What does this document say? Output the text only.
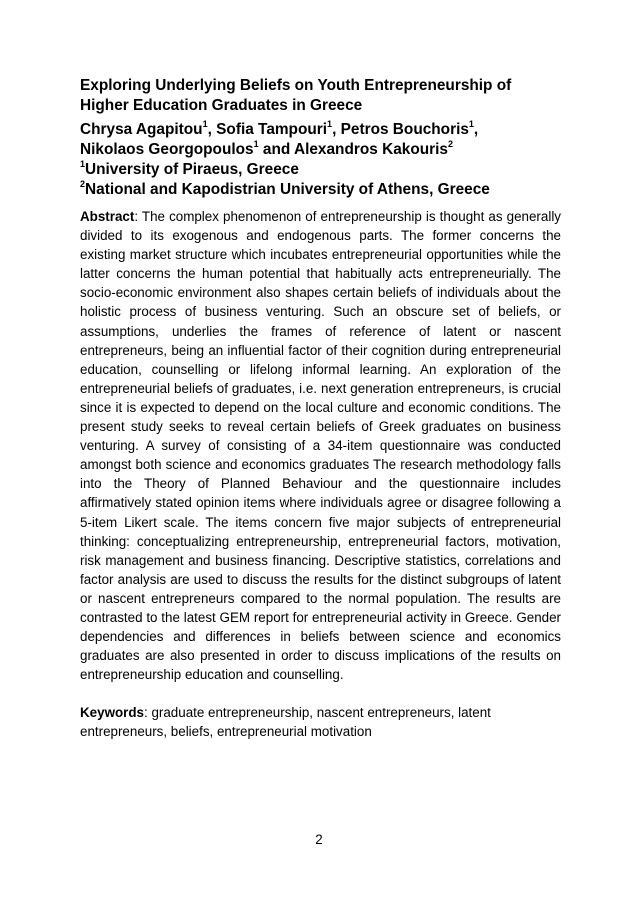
Exploring Underlying Beliefs on Youth Entrepreneurship of
Higher Education Graduates in Greece
Chrysa Agapitou$^1$, Sofia Tampouri$^1$, Petros Bouchoris$^1$,
Nikolaos Georgopoulos$^1$ and Alexandros Kakouris$^2$
$^1$University of Piraeus, Greece
$^2$National and Kapodistrian University of Athens, Greece

Abstract: The complex phenomenon of entrepreneurship is thought as generally divided to its exogenous and endogenous parts. The former concerns the existing market structure which incubates entrepreneurial opportunities while the latter concerns the human potential that habitually acts entrepreneurially. The socio-economic environment also shapes certain beliefs of individuals about the holistic process of business venturing. Such an obscure set of beliefs, or assumptions, underlies the frames of reference of latent or nascent entrepreneurs, being an influential factor of their cognition during entrepreneurial education, counselling or lifelong informal learning. An exploration of the entrepreneurial beliefs of graduates, i.e. next generation entrepreneurs, is crucial since it is expected to depend on the local culture and economic conditions. The present study seeks to reveal certain beliefs of Greek graduates on business venturing. A survey of consisting of a 34-item questionnaire was conducted amongst both science and economics graduates The research methodology falls into the Theory of Planned Behaviour and the questionnaire includes affirmatively stated opinion items where individuals agree or disagree following a 5-item Likert scale. The items concern five major subjects of entrepreneurial thinking: conceptualizing entrepreneurship, entrepreneurial factors, motivation, risk management and business financing. Descriptive statistics, correlations and factor analysis are used to discuss the results for the distinct subgroups of latent or nascent entrepreneurs compared to the normal population. The results are contrasted to the latest GEM report for entrepreneurial activity in Greece. Gender dependencies and differences in beliefs between science and economics graduates are also presented in order to discuss implications of the results on entrepreneurship education and counselling.

Keywords: graduate entrepreneurship, nascent entrepreneurs, latent
entrepreneurs, beliefs, entrepreneurial motivation

2
